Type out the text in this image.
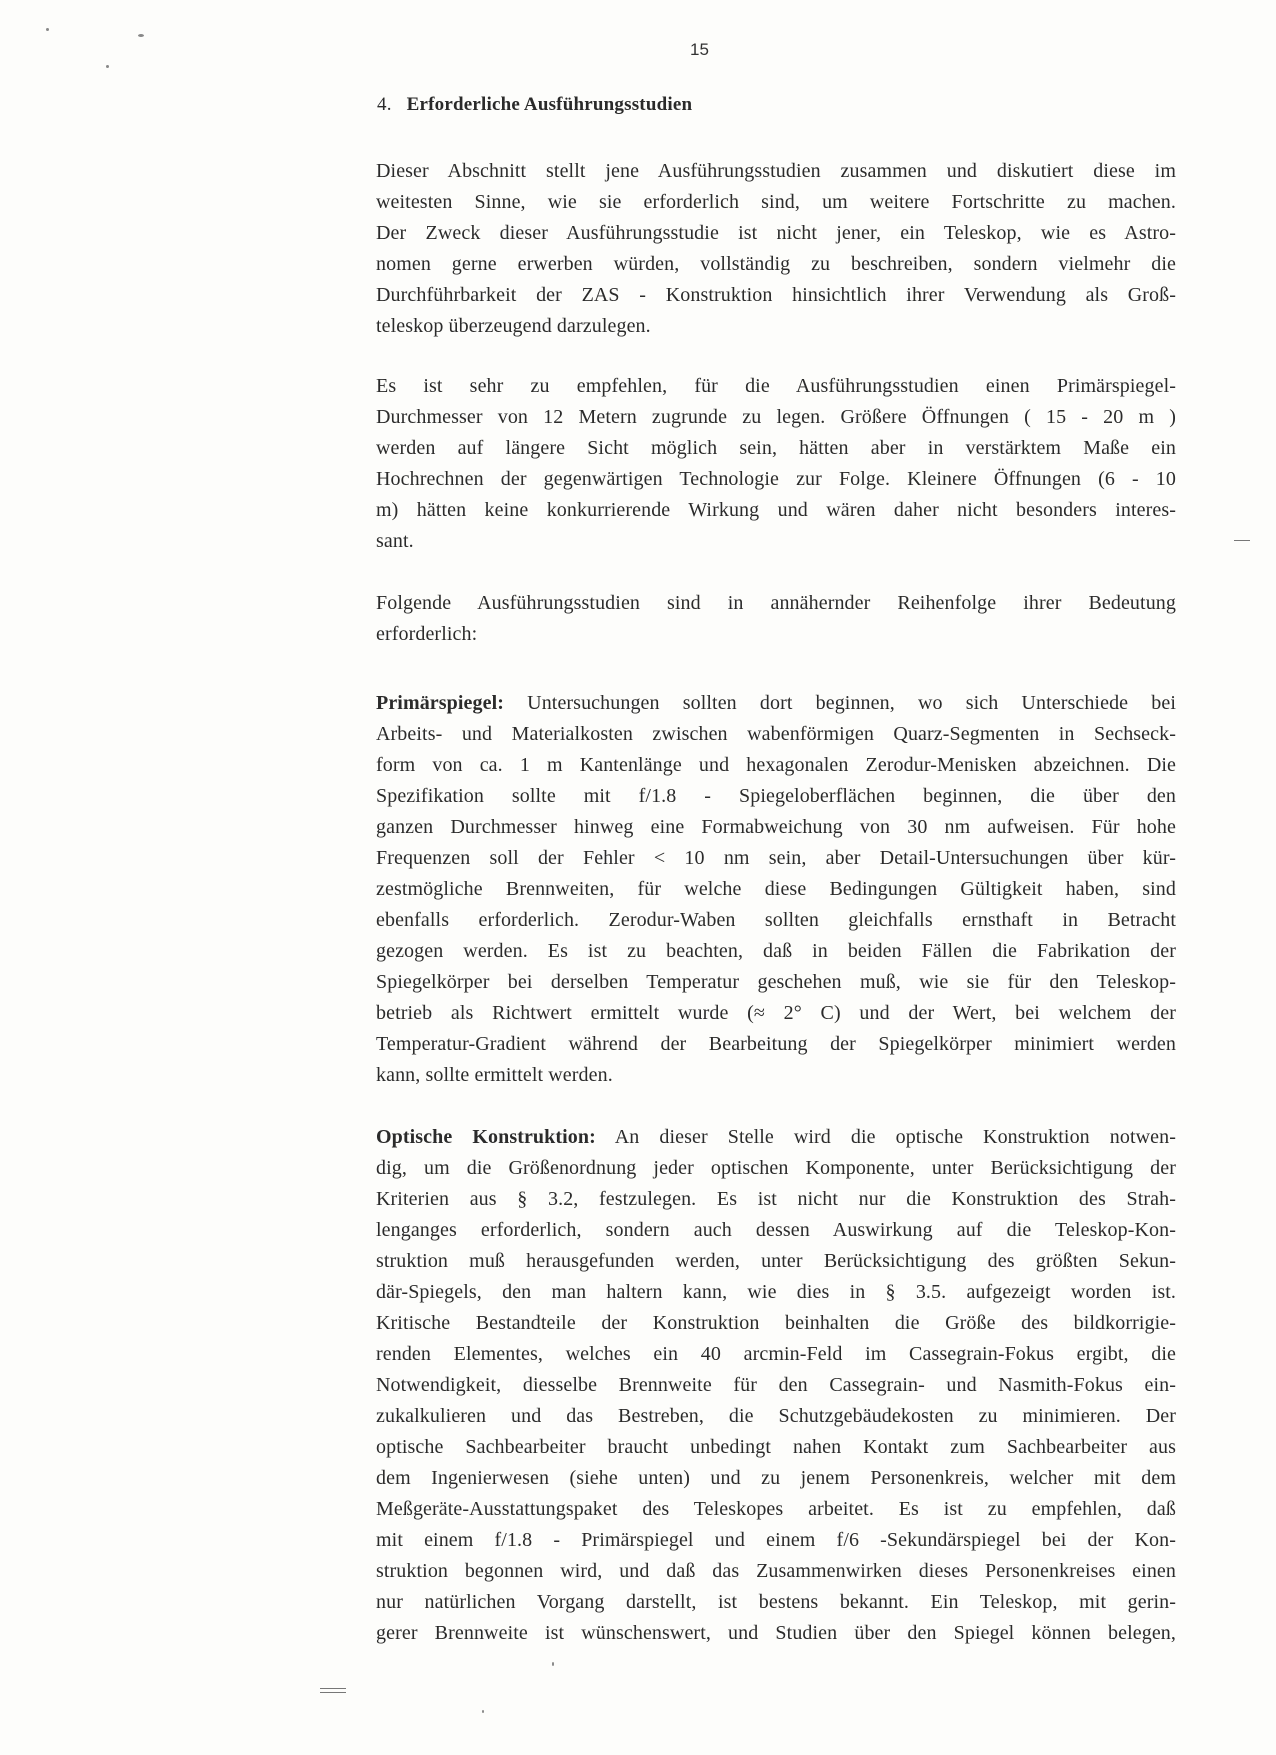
15
4. Erforderliche Ausführungsstudien
Dieser Abschnitt stellt jene Ausführungsstudien zusammen und diskutiert diese im
weitesten Sinne, wie sie erforderlich sind, um weitere Fortschritte zu machen.
Der Zweck dieser Ausführungsstudie ist nicht jener, ein Teleskop, wie es Astro-
nomen gerne erwerben würden, vollständig zu beschreiben, sondern vielmehr die
Durchführbarkeit der ZAS - Konstruktion hinsichtlich ihrer Verwendung als Groß-
teleskop überzeugend darzulegen.
Es ist sehr zu empfehlen, für die Ausführungsstudien einen Primärspiegel-
Durchmesser von 12 Metern zugrunde zu legen. Größere Öffnungen ( 15 - 20 m )
werden auf längere Sicht möglich sein, hätten aber in verstärktem Maße ein
Hochrechnen der gegenwärtigen Technologie zur Folge. Kleinere Öffnungen (6 - 10
m) hätten keine konkurrierende Wirkung und wären daher nicht besonders interes-
sant.
Folgende Ausführungsstudien sind in annähernder Reihenfolge ihrer Bedeutung
erforderlich:
Primärspiegel: Untersuchungen sollten dort beginnen, wo sich Unterschiede bei
Arbeits- und Materialkosten zwischen wabenförmigen Quarz-Segmenten in Sechseck-
form von ca. 1 m Kantenlänge und hexagonalen Zerodur-Menisken abzeichnen. Die
Spezifikation sollte mit f/1.8 - Spiegeloberflächen beginnen, die über den
ganzen Durchmesser hinweg eine Formabweichung von 30 nm aufweisen. Für hohe
Frequenzen soll der Fehler < 10 nm sein, aber Detail-Untersuchungen über kür-
zestmögliche Brennweiten, für welche diese Bedingungen Gültigkeit haben, sind
ebenfalls erforderlich. Zerodur-Waben sollten gleichfalls ernsthaft in Betracht
gezogen werden. Es ist zu beachten, daß in beiden Fällen die Fabrikation der
Spiegelkörper bei derselben Temperatur geschehen muß, wie sie für den Teleskop-
betrieb als Richtwert ermittelt wurde (≈ 2° C) und der Wert, bei welchem der
Temperatur-Gradient während der Bearbeitung der Spiegelkörper minimiert werden
kann, sollte ermittelt werden.
Optische Konstruktion: An dieser Stelle wird die optische Konstruktion notwen-
dig, um die Größenordnung jeder optischen Komponente, unter Berücksichtigung der
Kriterien aus § 3.2, festzulegen. Es ist nicht nur die Konstruktion des Strah-
lenganges erforderlich, sondern auch dessen Auswirkung auf die Teleskop-Kon-
struktion muß herausgefunden werden, unter Berücksichtigung des größten Sekun-
där-Spiegels, den man haltern kann, wie dies in § 3.5. aufgezeigt worden ist.
Kritische Bestandteile der Konstruktion beinhalten die Größe des bildkorrigie-
renden Elementes, welches ein 40 arcmin-Feld im Cassegrain-Fokus ergibt, die
Notwendigkeit, diesselbe Brennweite für den Cassegrain- und Nasmith-Fokus ein-
zukalkulieren und das Bestreben, die Schutzgebäudekosten zu minimieren. Der
optische Sachbearbeiter braucht unbedingt nahen Kontakt zum Sachbearbeiter aus
dem Ingenierwesen (siehe unten) und zu jenem Personenkreis, welcher mit dem
Meßgeräte-Ausstattungspaket des Teleskopes arbeitet. Es ist zu empfehlen, daß
mit einem f/1.8 - Primärspiegel und einem f/6 -Sekundärspiegel bei der Kon-
struktion begonnen wird, und daß das Zusammenwirken dieses Personenkreises einen
nur natürlichen Vorgang darstellt, ist bestens bekannt. Ein Teleskop, mit gerin-
gerer Brennweite ist wünschenswert, und Studien über den Spiegel können belegen,
